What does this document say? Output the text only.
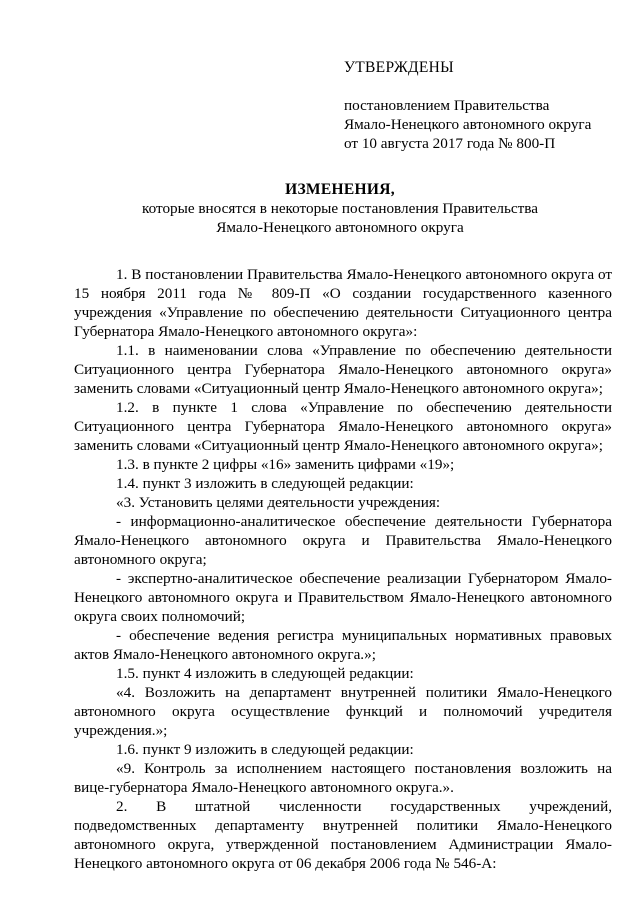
УТВЕРЖДЕНЫ
постановлением Правительства
Ямало-Ненецкого автономного округа
от 10 августа 2017 года № 800-П
ИЗМЕНЕНИЯ,
которые вносятся в некоторые постановления Правительства
Ямало-Ненецкого автономного округа

1. В постановлении Правительства Ямало-Ненецкого автономного округа от 15 ноября 2011 года № 809-П «О создании государственного казенного учреждения «Управление по обеспечению деятельности Ситуационного центра Губернатора Ямало-Ненецкого автономного округа»:

1.1. в наименовании слова «Управление по обеспечению деятельности Ситуационного центра Губернатора Ямало-Ненецкого автономного округа» заменить словами «Ситуационный центр Ямало-Ненецкого автономного округа»;

1.2. в пункте 1 слова «Управление по обеспечению деятельности Ситуационного центра Губернатора Ямало-Ненецкого автономного округа» заменить словами «Ситуационный центр Ямало-Ненецкого автономного округа»;

1.3. в пункте 2 цифры «16» заменить цифрами «19»;

1.4. пункт 3 изложить в следующей редакции:

«3. Установить целями деятельности учреждения:

- информационно-аналитическое обеспечение деятельности Губернатора Ямало-Ненецкого автономного округа и Правительства Ямало-Ненецкого автономного округа;

- экспертно-аналитическое обеспечение реализации Губернатором Ямало-Ненецкого автономного округа и Правительством Ямало-Ненецкого автономного округа своих полномочий;

- обеспечение ведения регистра муниципальных нормативных правовых актов Ямало-Ненецкого автономного округа.»;

1.5. пункт 4 изложить в следующей редакции:

«4. Возложить на департамент внутренней политики Ямало-Ненецкого автономного округа осуществление функций и полномочий учредителя учреждения.»;

1.6. пункт 9 изложить в следующей редакции:

«9. Контроль за исполнением настоящего постановления возложить на вице-губернатора Ямало-Ненецкого автономного округа.».

2. В штатной численности государственных учреждений, подведомственных департаменту внутренней политики Ямало-Ненецкого автономного округа, утвержденной постановлением Администрации Ямало-Ненецкого автономного округа от 06 декабря 2006 года № 546-А:
